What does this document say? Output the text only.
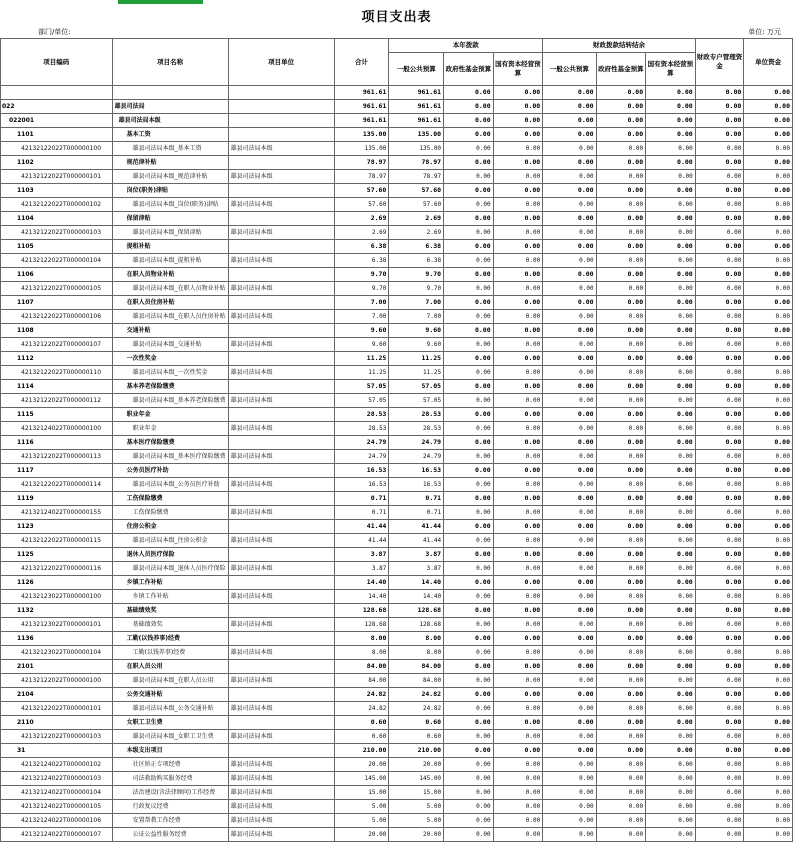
项目支出表
部门/单位:	单位: 万元
项目编码	项目名称	项目单位	合计	本年拨款			财政拨款结转结余			财政专户管理资金	单位资金
				一般公共预算	政府性基金预算	国有资本经营预算	一般公共预算	政府性基金预算	国有资本经营预算		
			961.61	961.61	0.00	0.00	0.00	0.00	0.00	0.00	0.00
022	雄县司法局		961.61	961.61	0.00	0.00	0.00	0.00	0.00	0.00	0.00
022001	雄县司法局本级		961.61	961.61	0.00	0.00	0.00	0.00	0.00	0.00	0.00
1101	基本工资		135.00	135.00	0.00	0.00	0.00	0.00	0.00	0.00	0.00
42132122022T000000100	雄县司法局本级_基本工资	雄县司法局本级	135.00	135.00	0.00	0.00	0.00	0.00	0.00	0.00	0.00
1102	规范津补贴		78.97	78.97	0.00	0.00	0.00	0.00	0.00	0.00	0.00
42132122022T000000101	雄县司法局本级_规范津补贴	雄县司法局本级	78.97	78.97	0.00	0.00	0.00	0.00	0.00	0.00	0.00
1103	岗位(职务)津贴		57.60	57.60	0.00	0.00	0.00	0.00	0.00	0.00	0.00
42132122022T000000102	雄县司法局本级_岗位(职务)津贴	雄县司法局本级	57.60	57.60	0.00	0.00	0.00	0.00	0.00	0.00	0.00
1104	保留津贴		2.69	2.69	0.00	0.00	0.00	0.00	0.00	0.00	0.00
42132122022T000000103	雄县司法局本级_保留津贴	雄县司法局本级	2.69	2.69	0.00	0.00	0.00	0.00	0.00	0.00	0.00
1105	提租补贴		6.38	6.38	0.00	0.00	0.00	0.00	0.00	0.00	0.00
42132122022T000000104	雄县司法局本级_提租补贴	雄县司法局本级	6.38	6.38	0.00	0.00	0.00	0.00	0.00	0.00	0.00
1106	在职人员物业补贴		9.70	9.70	0.00	0.00	0.00	0.00	0.00	0.00	0.00
42132122022T000000105	雄县司法局本级_在职人员物业补贴	雄县司法局本级	9.70	9.70	0.00	0.00	0.00	0.00	0.00	0.00	0.00
1107	在职人员住房补贴		7.00	7.00	0.00	0.00	0.00	0.00	0.00	0.00	0.00
42132122022T000000106	雄县司法局本级_在职人员住房补贴	雄县司法局本级	7.00	7.00	0.00	0.00	0.00	0.00	0.00	0.00	0.00
1108	交通补贴		9.60	9.60	0.00	0.00	0.00	0.00	0.00	0.00	0.00
42132122022T000000107	雄县司法局本级_交通补贴	雄县司法局本级	9.60	9.60	0.00	0.00	0.00	0.00	0.00	0.00	0.00
1112	一次性奖金		11.25	11.25	0.00	0.00	0.00	0.00	0.00	0.00	0.00
42132122022T000000110	雄县司法局本级_一次性奖金	雄县司法局本级	11.25	11.25	0.00	0.00	0.00	0.00	0.00	0.00	0.00
1114	基本养老保险缴费		57.05	57.05	0.00	0.00	0.00	0.00	0.00	0.00	0.00
42132122022T000000112	雄县司法局本级_基本养老保险缴费	雄县司法局本级	57.05	57.05	0.00	0.00	0.00	0.00	0.00	0.00	0.00
1115	职业年金		28.53	28.53	0.00	0.00	0.00	0.00	0.00	0.00	0.00
42132124022T000000100	职业年金	雄县司法局本级	28.53	28.53	0.00	0.00	0.00	0.00	0.00	0.00	0.00
1116	基本医疗保险缴费		24.79	24.79	0.00	0.00	0.00	0.00	0.00	0.00	0.00
42132122022T000000113	雄县司法局本级_基本医疗保险缴费	雄县司法局本级	24.79	24.79	0.00	0.00	0.00	0.00	0.00	0.00	0.00
1117	公务员医疗补助		16.53	16.53	0.00	0.00	0.00	0.00	0.00	0.00	0.00
42132122022T000000114	雄县司法局本级_公务员医疗补助	雄县司法局本级	16.53	16.53	0.00	0.00	0.00	0.00	0.00	0.00	0.00
1119	工伤保险缴费		0.71	0.71	0.00	0.00	0.00	0.00	0.00	0.00	0.00
42132124022T000000155	工伤保险缴费	雄县司法局本级	0.71	0.71	0.00	0.00	0.00	0.00	0.00	0.00	0.00
1123	住房公积金		41.44	41.44	0.00	0.00	0.00	0.00	0.00	0.00	0.00
42132122022T000000115	雄县司法局本级_住房公积金	雄县司法局本级	41.44	41.44	0.00	0.00	0.00	0.00	0.00	0.00	0.00
1125	退休人员医疗保险		3.87	3.87	0.00	0.00	0.00	0.00	0.00	0.00	0.00
42132122022T000000116	雄县司法局本级_退休人员医疗保险	雄县司法局本级	3.87	3.87	0.00	0.00	0.00	0.00	0.00	0.00	0.00
1126	乡镇工作补贴		14.40	14.40	0.00	0.00	0.00	0.00	0.00	0.00	0.00
42132123022T000000100	乡镇工作补贴	雄县司法局本级	14.40	14.40	0.00	0.00	0.00	0.00	0.00	0.00	0.00
1132	基础绩效奖		128.68	128.68	0.00	0.00	0.00	0.00	0.00	0.00	0.00
42132123022T000000101	基础绩效奖	雄县司法局本级	128.68	128.68	0.00	0.00	0.00	0.00	0.00	0.00	0.00
1136	工勤(以钱养事)经费		8.00	8.00	0.00	0.00	0.00	0.00	0.00	0.00	0.00
42132123022T000000104	工勤(以钱养事)经费	雄县司法局本级	8.00	8.00	0.00	0.00	0.00	0.00	0.00	0.00	0.00
2101	在职人员公用		84.00	84.00	0.00	0.00	0.00	0.00	0.00	0.00	0.00
42132122022T000000100	雄县司法局本级_在职人员公用	雄县司法局本级	84.00	84.00	0.00	0.00	0.00	0.00	0.00	0.00	0.00
2104	公务交通补贴		24.82	24.82	0.00	0.00	0.00	0.00	0.00	0.00	0.00
42132122022T000000101	雄县司法局本级_公务交通补贴	雄县司法局本级	24.82	24.82	0.00	0.00	0.00	0.00	0.00	0.00	0.00
2110	女职工卫生费		0.60	0.60	0.00	0.00	0.00	0.00	0.00	0.00	0.00
42132122022T000000103	雄县司法局本级_女职工卫生费	雄县司法局本级	0.60	0.60	0.00	0.00	0.00	0.00	0.00	0.00	0.00
31	本级支出项目		210.00	210.00	0.00	0.00	0.00	0.00	0.00	0.00	0.00
42132124022T000000102	社区矫正专项经费	雄县司法局本级	20.00	20.00	0.00	0.00	0.00	0.00	0.00	0.00	0.00
42132124022T000000103	司法救助购买服务经费	雄县司法局本级	145.00	145.00	0.00	0.00	0.00	0.00	0.00	0.00	0.00
42132124022T000000104	法治建设(含法律顾问)工作经费	雄县司法局本级	15.00	15.00	0.00	0.00	0.00	0.00	0.00	0.00	0.00
42132124022T000000105	行政复议经费	雄县司法局本级	5.00	5.00	0.00	0.00	0.00	0.00	0.00	0.00	0.00
42132124022T000000106	安置帮教工作经费	雄县司法局本级	5.00	5.00	0.00	0.00	0.00	0.00	0.00	0.00	0.00
42132124022T000000107	公证公益性服务经费	雄县司法局本级	20.00	20.00	0.00	0.00	0.00	0.00	0.00	0.00	0.00
